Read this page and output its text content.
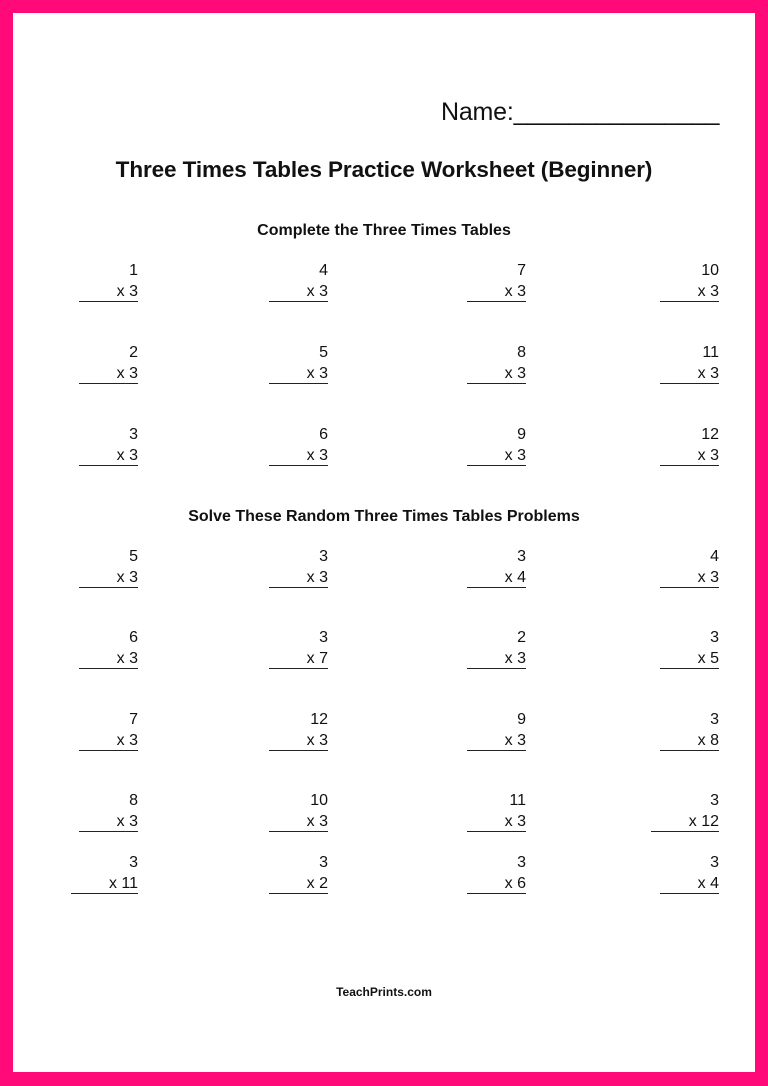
Name:_______________
Three Times Tables Practice Worksheet (Beginner)
Complete the Three Times Tables
Solve These Random Three Times Tables Problems
1
x 3
4
x 3
7
x 3
10
x 3
2
x 3
5
x 3
8
x 3
11
x 3
3
x 3
6
x 3
9
x 3
12
x 3
5
x 3
3
x 3
3
x 4
4
x 3
6
x 3
3
x 7
2
x 3
3
x 5
7
x 3
12
x 3
9
x 3
3
x 8
8
x 3
10
x 3
11
x 3
3
x 12
3
x 11
3
x 2
3
x 6
3
x 4
TeachPrints.com
